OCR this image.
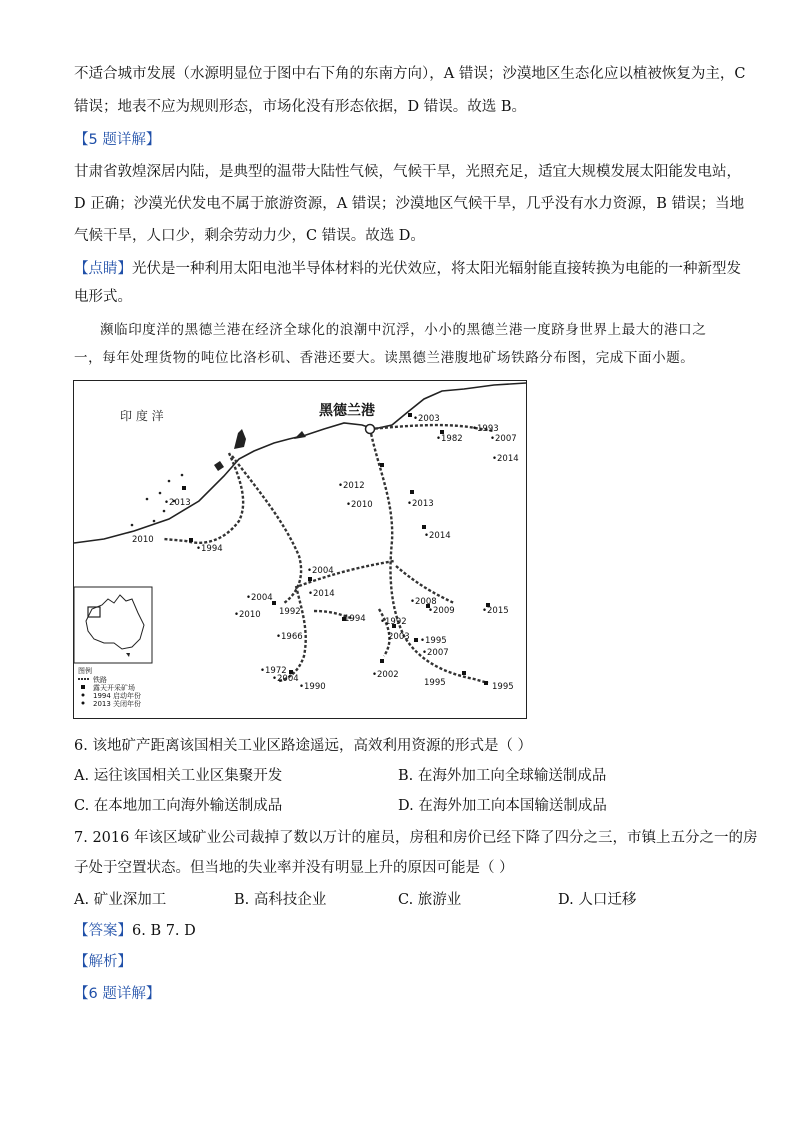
不适合城市发展（水源明显位于图中右下角的东南方向），A 错误；沙漠地区生态化应以植被恢复为主，C
错误；地表不应为规则形态，市场化没有形态依据，D 错误。故选 B。
【5 题详解】
甘肃省敦煌深居内陆，是典型的温带大陆性气候，气候干旱，光照充足，适宜大规模发展太阳能发电站，
D 正确；沙漠光伏发电不属于旅游资源，A 错误；沙漠地区气候干旱，几乎没有水力资源，B 错误；当地
气候干旱，人口少，剩余劳动力少，C 错误。故选 D。
【点睛】光伏是一种利用太阳电池半导体材料的光伏效应，将太阳光辐射能直接转换为电能的一种新型发
电形式。
濒临印度洋的黑德兰港在经济全球化的浪潮中沉浮，小小的黑德兰港一度跻身世界上最大的港口之
一，每年处理货物的吨位比洛杉矶、香港还要大。读黑德兰港腹地矿场铁路分布图，完成下面小题。
印 度 洋	黑德兰港	•2003
•1993
•1982	•2007
•2014
•2012
•2010	•2013
•2014
•2013
2010
•1994
•2004
•2014
•2008
•2009	•2015
•2004
•2010 1992
1994
•1966
•1992
2003 •1995
•2007
•1972
•2004
•1990
•2002
1995	1995
图例
铁路
露天开采矿场
1994 启动年份
2013 关闭年份
6. 该地矿产距离该国相关工业区路途遥远，高效利用资源的形式是（ ）
A. 运往该国相关工业区集聚开发	B. 在海外加工向全球输送制成品
C. 在本地加工向海外输送制成品	D. 在海外加工向本国输送制成品
7. 2016 年该区域矿业公司裁掉了数以万计的雇员，房租和房价已经下降了四分之三，市镇上五分之一的房
子处于空置状态。但当地的失业率并没有明显上升的原因可能是（ ）
A. 矿业深加工	B. 高科技企业	C. 旅游业	D. 人口迁移
【答案】6. B 7. D
【解析】
【6 题详解】
